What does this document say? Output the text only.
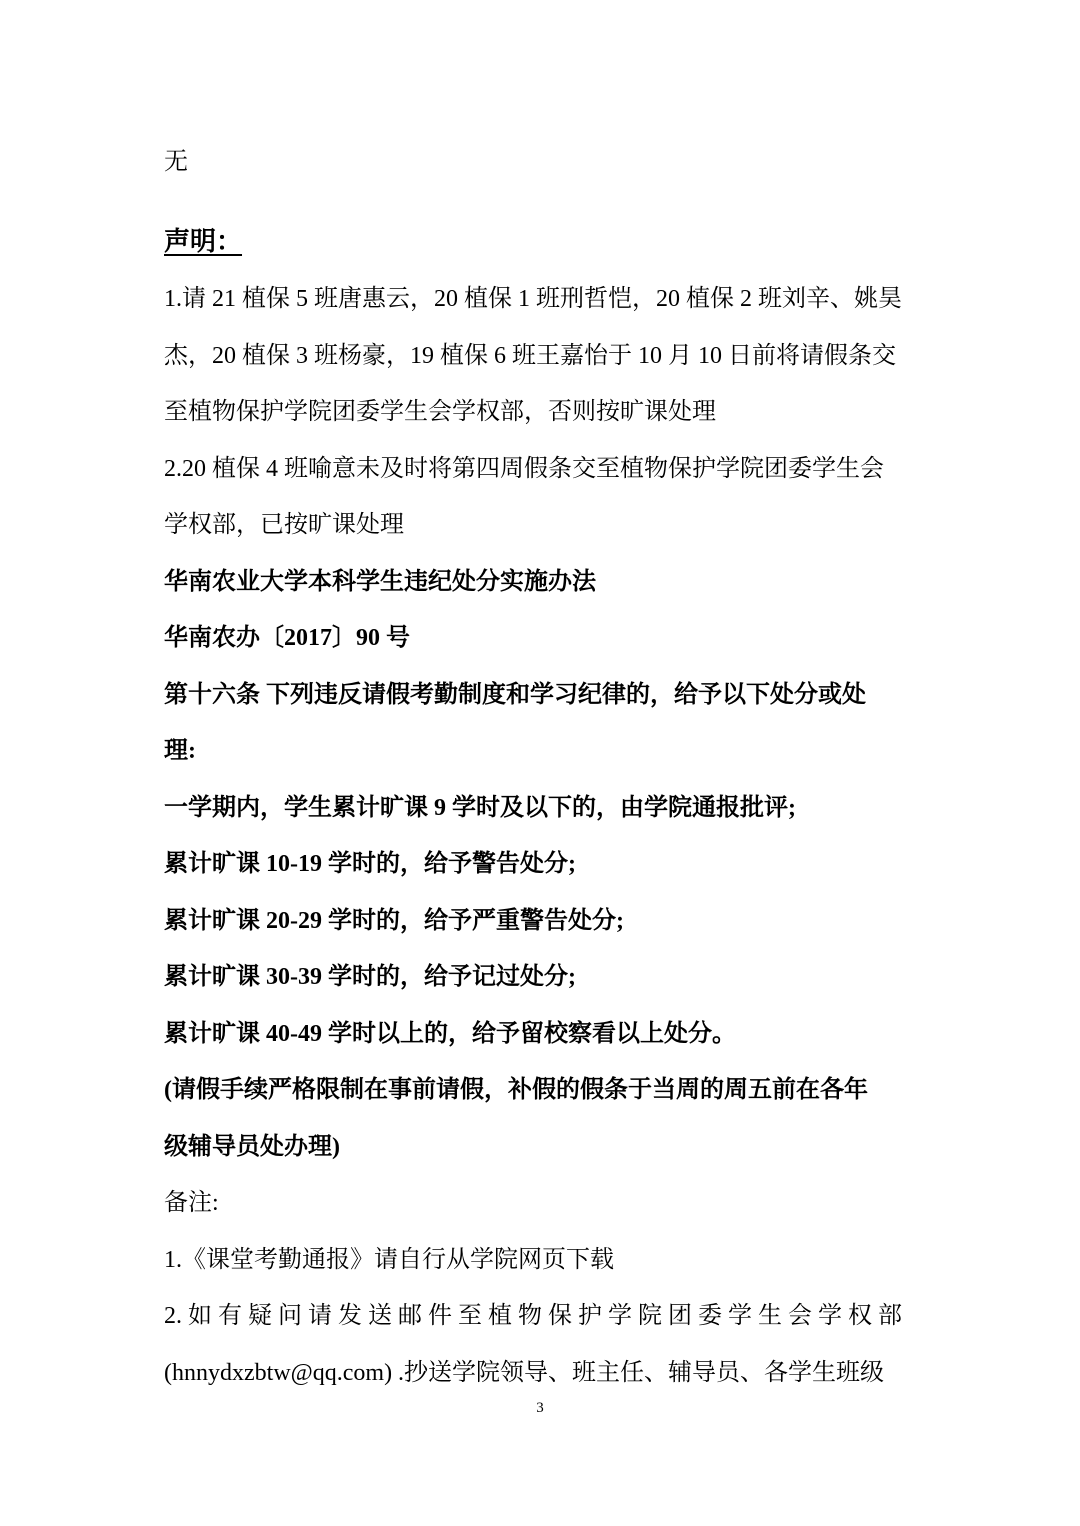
无
声明：
1.请 21 植保 5 班唐惠云，20 植保 1 班刑哲恺，20 植保 2 班刘辛、姚昊
杰，20 植保 3 班杨豪，19 植保 6 班王嘉怡于 10 月 10 日前将请假条交
至植物保护学院团委学生会学权部，否则按旷课处理
2.20 植保 4 班喻意未及时将第四周假条交至植物保护学院团委学生会
学权部，已按旷课处理
华南农业大学本科学生违纪处分实施办法
华南农办〔2017〕90 号
第十六条 下列违反请假考勤制度和学习纪律的，给予以下处分或处
理:
一学期内，学生累计旷课 9 学时及以下的，由学院通报批评;
累计旷课 10-19 学时的，给予警告处分;
累计旷课 20-29 学时的，给予严重警告处分;
累计旷课 30-39 学时的，给予记过处分;
累计旷课 40-49 学时以上的，给予留校察看以上处分。
(请假手续严格限制在事前请假，补假的假条于当周的周五前在各年
级辅导员处办理)
备注:
1.《课堂考勤通报》请自行从学院网页下载
2. 如 有 疑 问 请 发 送 邮 件 至 植 物 保 护 学 院 团 委 学 生 会 学 权 部
(hnnydxzbtw@qq.com) .抄送学院领导、班主任、辅导员、各学生班级
3
